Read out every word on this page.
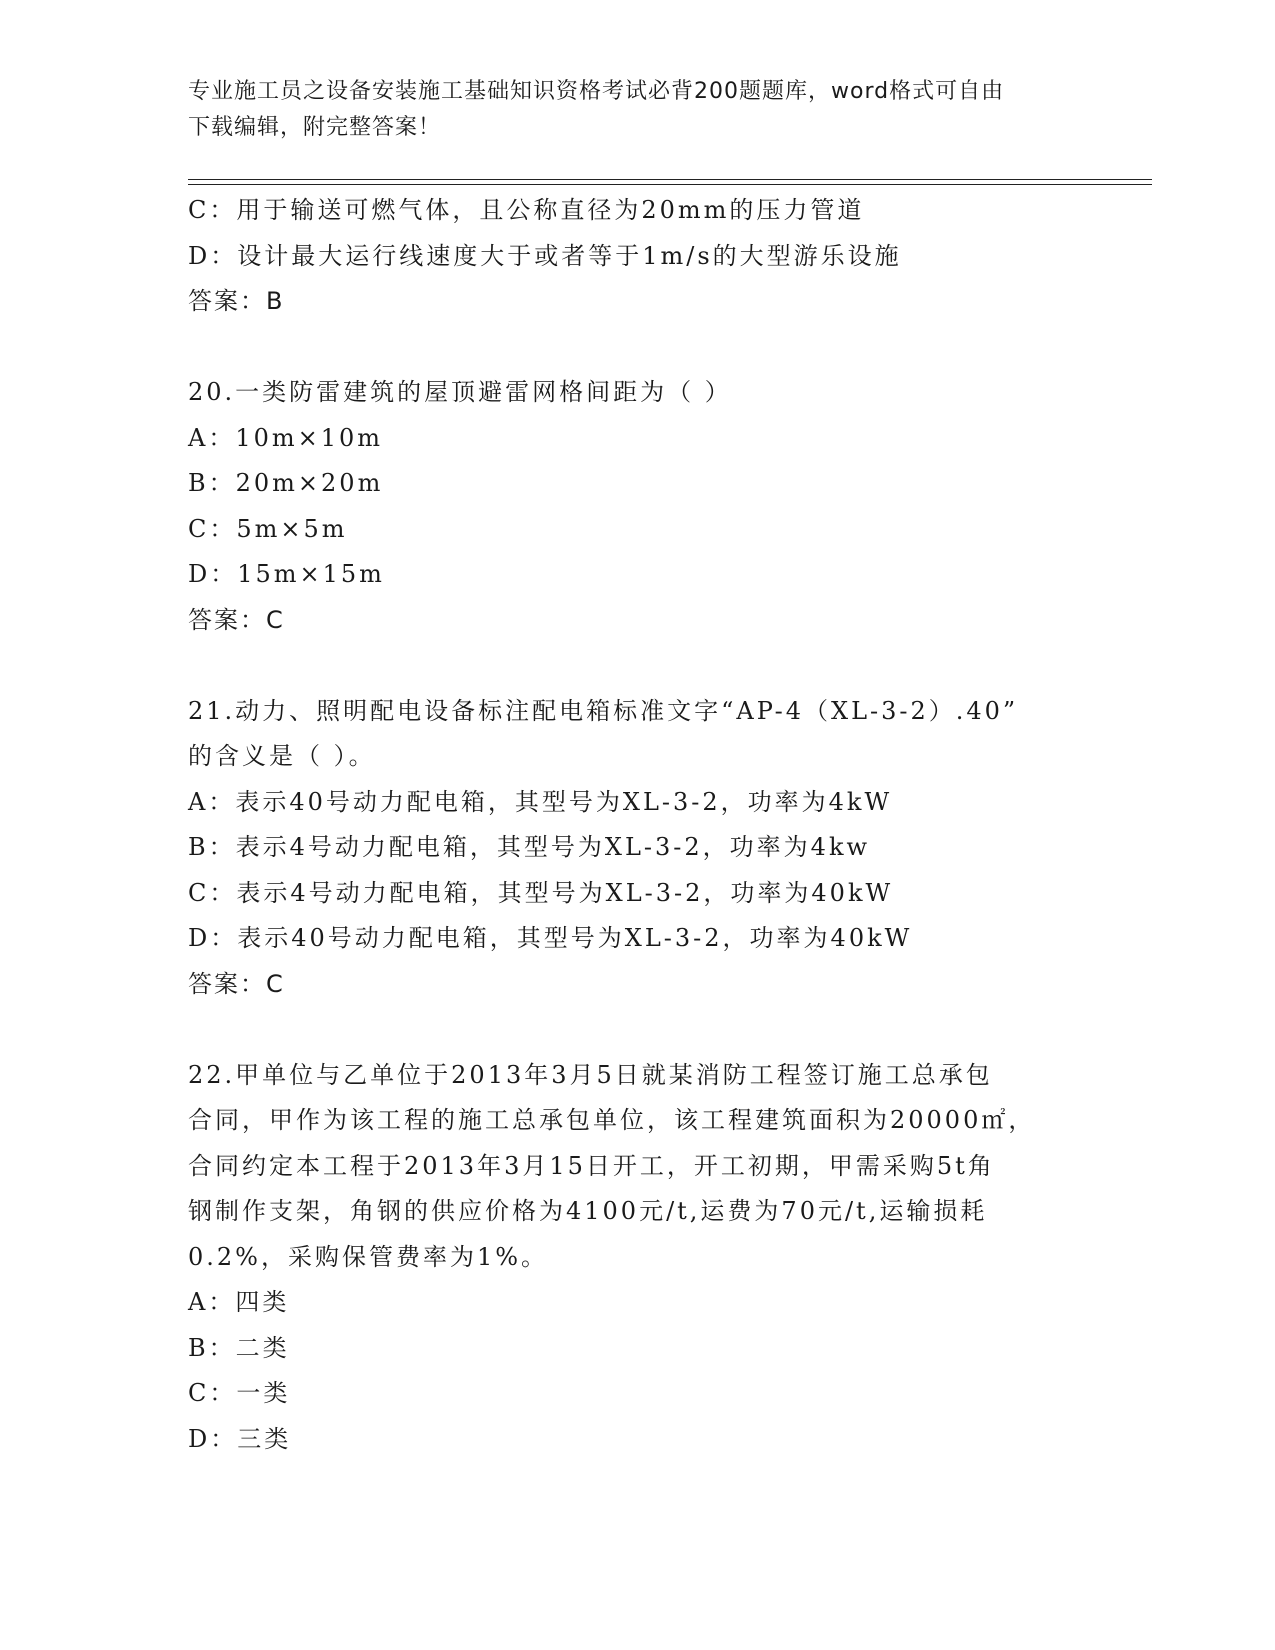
专业施工员之设备安装施工基础知识资格考试必背200题题库，word格式可自由
下载编辑，附完整答案！
C：用于输送可燃气体，且公称直径为20mm的压力管道
D：设计最大运行线速度大于或者等于1m/s的大型游乐设施
答案：B
20.一类防雷建筑的屋顶避雷网格间距为（ ）
A：10m×10m
B：20m×20m
C：5m×5m
D：15m×15m
答案：C
21.动力、照明配电设备标注配电箱标准文字“AP-4（XL-3-2）.40”
的含义是（ ）。
A：表示40号动力配电箱，其型号为XL-3-2，功率为4kW
B：表示4号动力配电箱，其型号为XL-3-2，功率为4kw
C：表示4号动力配电箱，其型号为XL-3-2，功率为40kW
D：表示40号动力配电箱，其型号为XL-3-2，功率为40kW
答案：C
22.甲单位与乙单位于2013年3月5日就某消防工程签订施工总承包
合同，甲作为该工程的施工总承包单位，该工程建筑面积为20000㎡，
合同约定本工程于2013年3月15日开工，开工初期，甲需采购5t角
钢制作支架，角钢的供应价格为4100元/t,运费为70元/t,运输损耗
0.2%，采购保管费率为1%。
A：四类
B：二类
C：一类
D：三类
